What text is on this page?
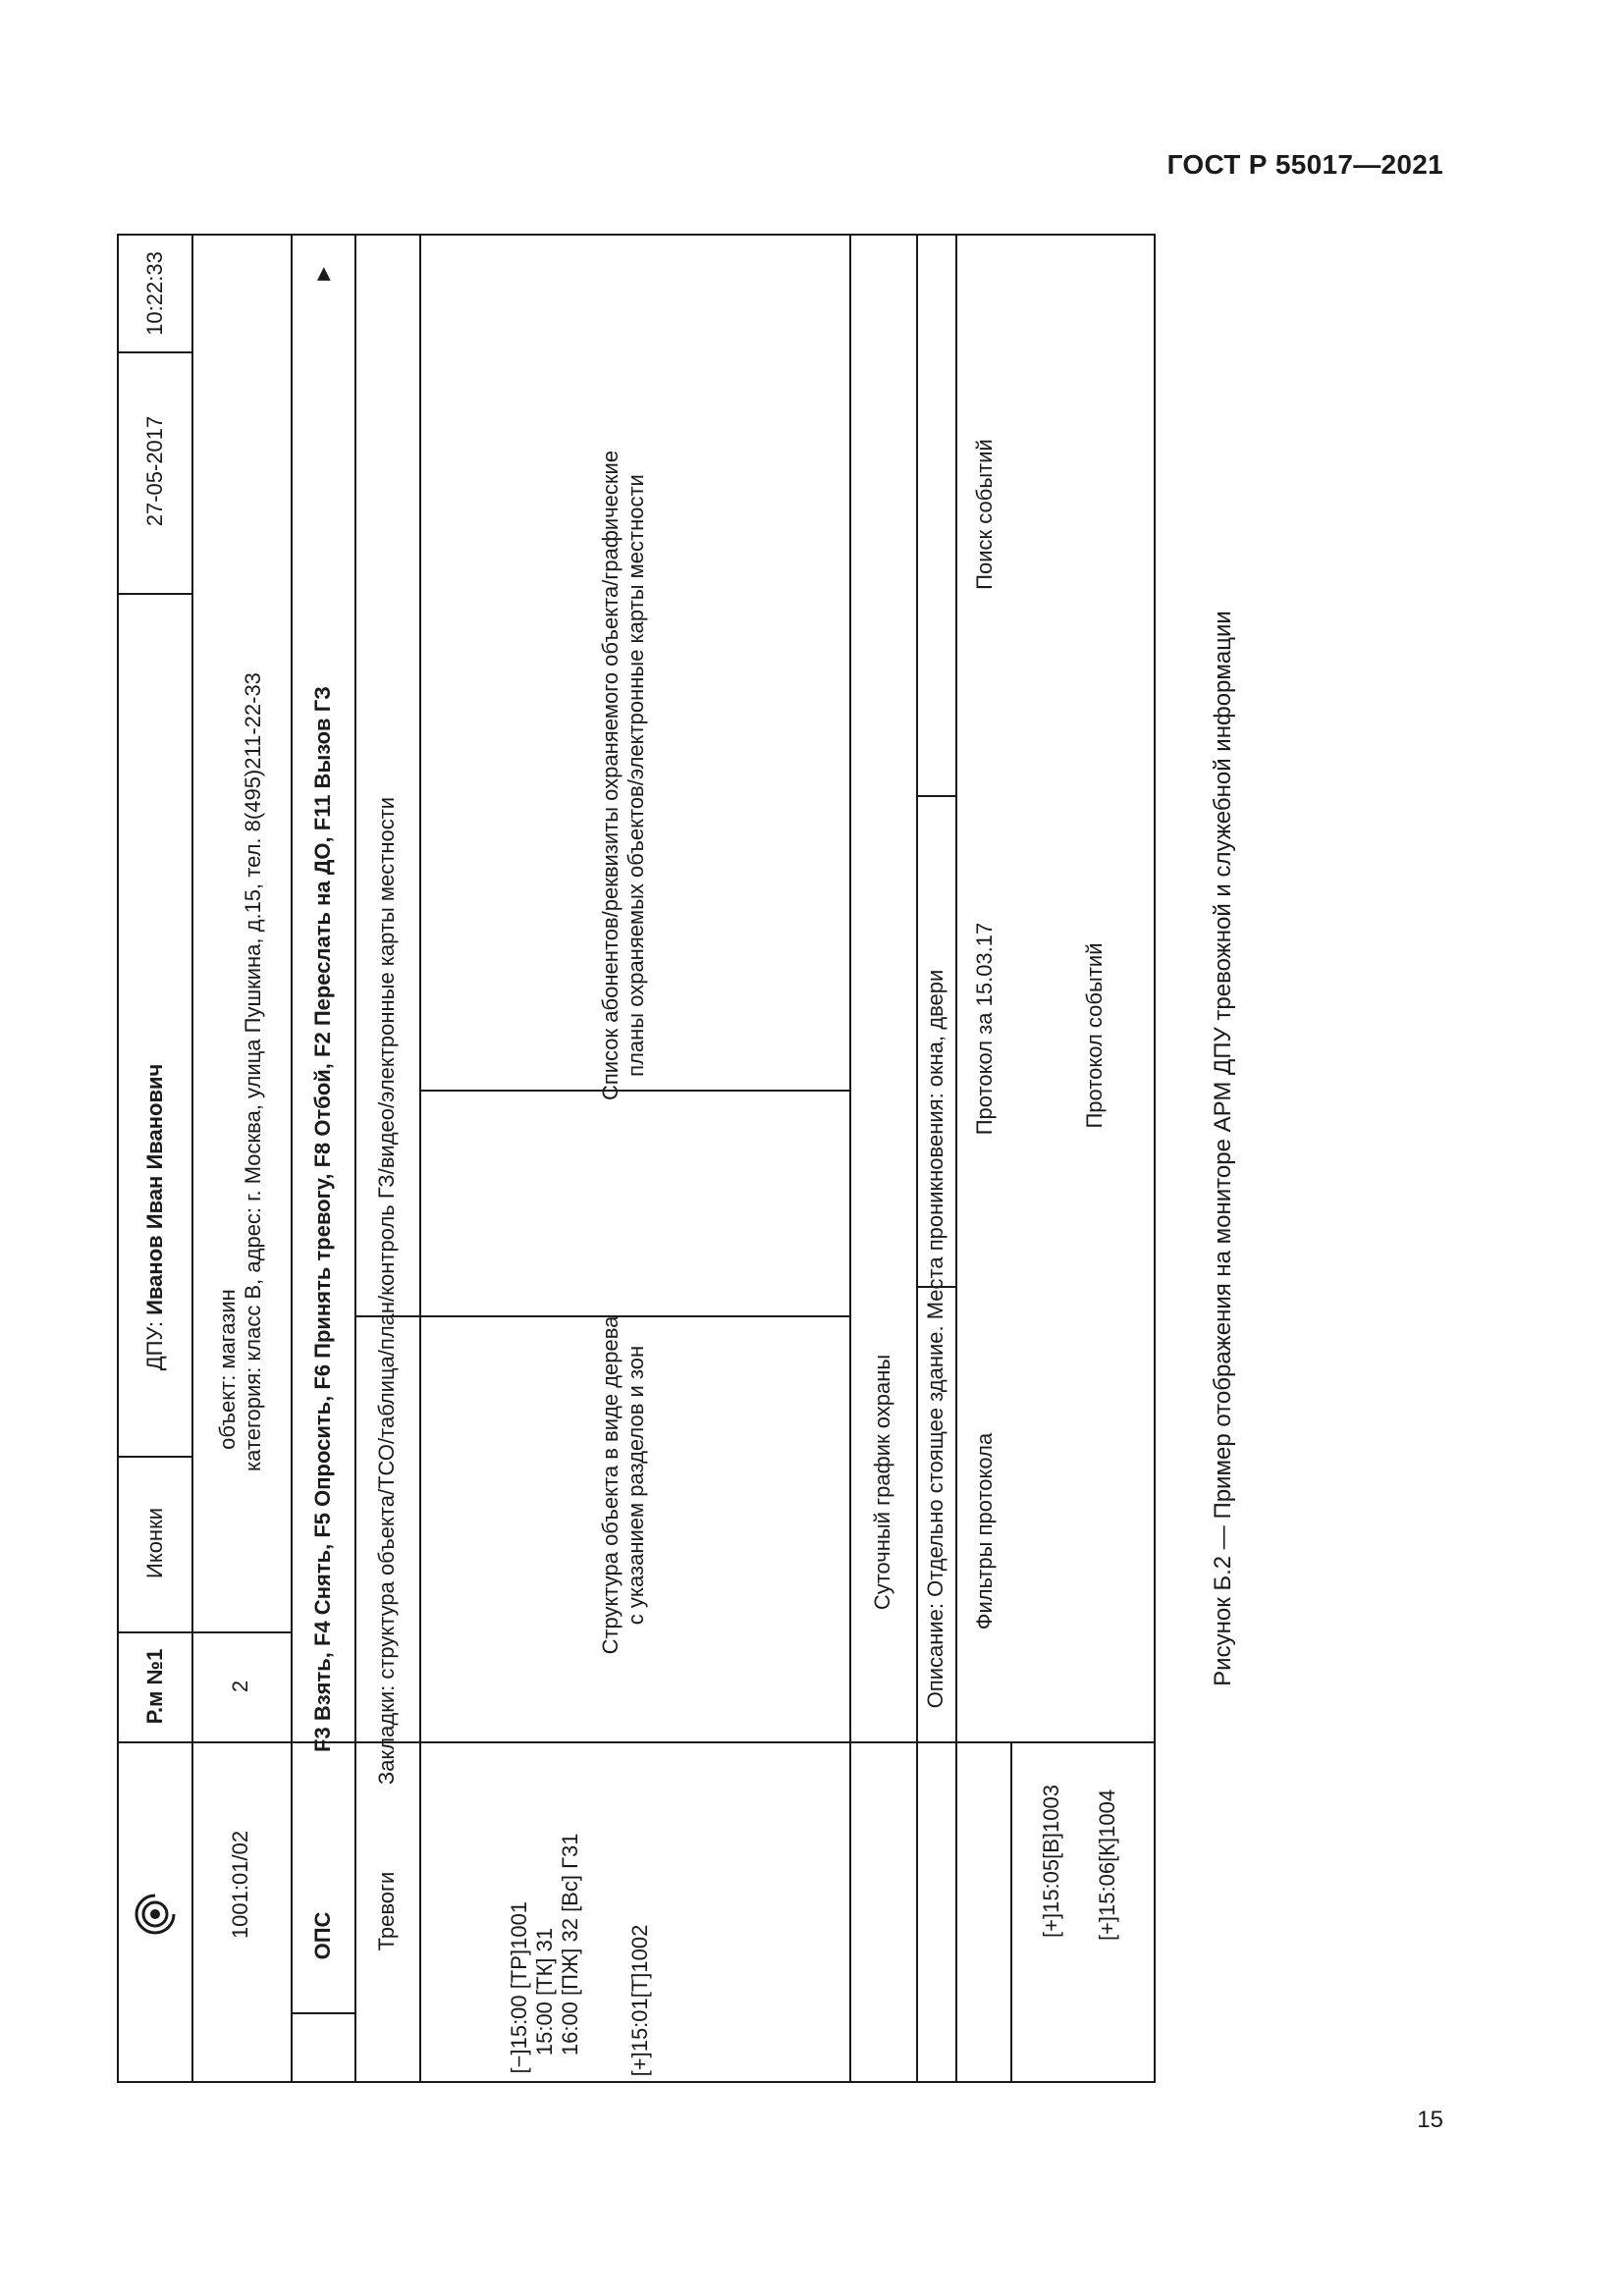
ГОСТ Р 55017—2021
Р.м №1
Иконки
ДПУ: Иванов Иван Иванович
27-05-2017
10:22:33
1001:01/02
2
объект: магазин категория: класс В, адрес: г. Москва, улица Пушкина, д.15, тел. 8(495)211-22-33
ОПС
F3 Взять, F4 Снять, F5 Опросить, F6 Принять тревогу, F8 Отбой, F2 Переслать на ДО, F11 Вызов ГЗ
▶
Тревоги
Закладки: структура объекта/ТСО/таблица/план/контроль ГЗ/видео/электронные карты местности
[−]15:00 [ТР]1001
15:00 [ТК] 31
16:00 [ПЖ] 32 [Вс] Г31
[+]15:01[Т]1002
Структура объекта в виде дерева
с указанием разделов и зон
Список абонентов/реквизиты охраняемого объекта/графические
планы охраняемых объектов/электронные карты местности
Суточный график охраны Описание: Отдельно стоящее здание. Места проникновения: окна, двери Фильтры протокола
Протокол за 15.03.17
Поиск событий
Протокол событий
[+]15:05[В]1003 [+]15:06[К]1004
Рисунок Б.2 — Пример отображения на мониторе АРМ ДПУ тревожной и служебной информации
15
